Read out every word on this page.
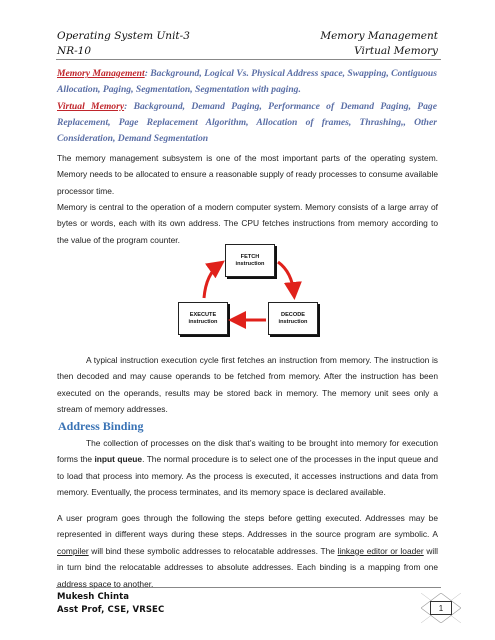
Operating System Unit-3
NR-10
Memory Management
Virtual Memory
Memory Management: Background, Logical Vs. Physical Address space, Swapping, Contiguous Allocation, Paging, Segmentation, Segmentation with paging.
Virtual Memory: Background, Demand Paging, Performance of Demand Paging, Page Replacement, Page Replacement Algorithm, Allocation of frames, Thrashing,, Other Consideration, Demand Segmentation
The memory management subsystem is one of the most important parts of the operating system. Memory needs to be allocated to ensure a reasonable supply of ready processes to consume available processor time.
Memory is central to the operation of a modern computer system. Memory consists of a large array of bytes or words, each with its own address. The CPU fetches instructions from memory according to the value of the program counter.
FETCH
instruction
EXECUTE
instruction
DECODE
instruction
A typical instruction execution cycle first fetches an instruction from memory. The instruction is then decoded and may cause operands to be fetched from memory. After the instruction has been executed on the operands, results may be stored back in memory. The memory unit sees only a stream of memory addresses.
Address Binding
The collection of processes on the disk that’s waiting to be brought into memory for execution forms the input queue. The normal procedure is to select one of the processes in the input queue and to load that process into memory. As the process is executed, it accesses instructions and data from memory. Eventually, the process terminates, and its memory space is declared available.
A user program goes through the following the steps before getting executed. Addresses may be represented in different ways during these steps. Addresses in the source program are symbolic. A compiler will bind these symbolic addresses to relocatable addresses. The linkage editor or loader will in turn bind the relocatable addresses to absolute addresses. Each binding is a mapping from one address space to another.
Mukesh Chinta
Asst Prof, CSE, VRSEC	1
